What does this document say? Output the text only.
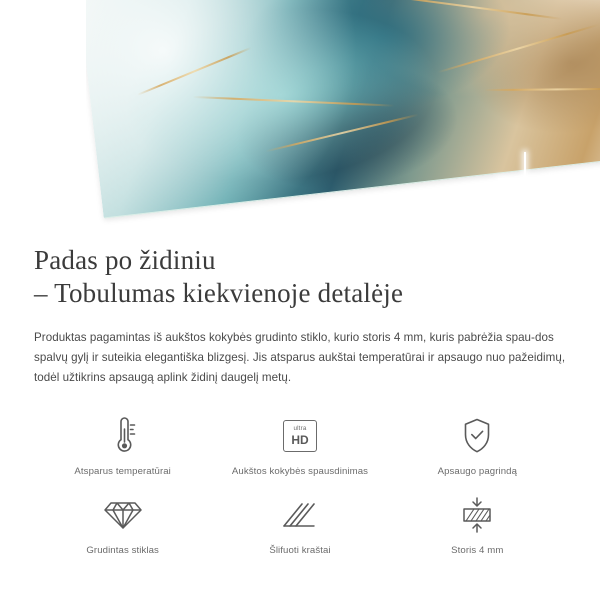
Padas po židiniu
– Tobulumas kiekvienoje detalėje

Produktas pagamintas iš aukštos kokybės grudinto stiklo, kurio storis 4 mm, kuris pabrėžia spau-dos spalvų gylį ir suteikia elegantiška blizgesį. Jis atsparus aukštai temperatūrai ir apsaugo nuo pažeidimų, todėl užtikrins apsaugą aplink židinį daugelį metų.

Atsparus temperatūrai
ultra
HD
Aukštos kokybės spausdinimas	Apsaugo pagrindą
Grudintas stiklas	Šlifuoti kraštai	Storis 4 mm
